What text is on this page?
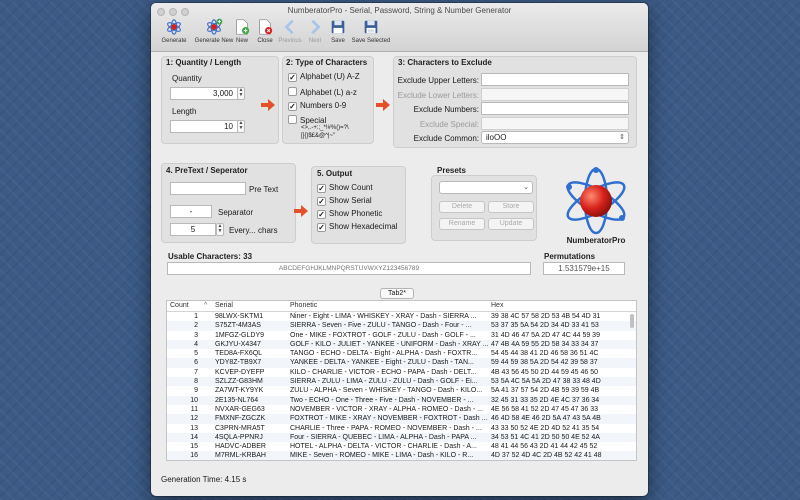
NumberatorPro - Serial, Password, String & Number Generator
Generate	Generate New New	Close Previous	Next	Save	Save Selected
1: Quantity / Length
Quantity
3,000	▲
▼
Length
10	▲
▼
2: Type of Characters
✓ Alphabet (U) A-Z
Alphabet (L) a-z
✓ Numbers 0-9
Special
<>,.-+:;_*!#%()=?\
[]{}$£&@^|~"
3: Characters to Exclude
Exclude Upper Letters:
Exclude Lower Letters:
Exclude Numbers:
Exclude Special:
Exclude Common: iloOO	⇕
4. PreText / Seperator
Pre Text
-	Separator
5	▲
▼ Every... chars
5. Output
✓ Show Count
✓ Show Serial
✓ Show Phonetic
✓ Show Hexadecimal
Presets
⌄
Delete	Store
Rename	Update
NumberatorPro
Usable Characters: 33
ABCDEFGHJKLMNPQRSTUVWXYZ123456789
Permutations
1.531579e+15
Tab2*
Count ^ Serial	Phonetic	Hex
1 98LWX-SKTM1	Niner - Eight - LIMA - WHISKEY - XRAY - Dash - SIERRA ...	39 38 4C 57 58 2D 53 4B 54 4D 31
2 S75ZT-4M3AS	SIERRA - Seven - Five - ZULU - TANGO - Dash - Four - ...	53 37 35 5A 54 2D 34 4D 33 41 53
3 1MFGZ-GLDY9	One - MIKE - FOXTROT - GOLF - ZULU - Dash - GOLF - ...	31 4D 46 47 5A 2D 47 4C 44 59 39
4 GKJYU-X4347	GOLF - KILO - JULIET - YANKEE - UNIFORM - Dash - XRAY ... 47 4B 4A 59 55 2D 58 34 33 34 37
5 TED8A-FX6QL	TANGO - ECHO - DELTA - Eight - ALPHA - Dash - FOXTR...	54 45 44 38 41 2D 46 58 36 51 4C
6 YDY8Z-TB9X7	YANKEE - DELTA - YANKEE - Eight - ZULU - Dash - TAN...	59 44 59 38 5A 2D 54 42 39 58 37
7 KCVEP-DYEFP	KILO - CHARLIE - VICTOR - ECHO - PAPA - Dash - DELT...	4B 43 56 45 50 2D 44 59 45 46 50
8 SZLZZ-G83HM	SIERRA - ZULU - LIMA - ZULU - ZULU - Dash - GOLF - Ei...	53 5A 4C 5A 5A 2D 47 38 33 48 4D
9 ZA7WT-KY9YK	ZULU - ALPHA - Seven - WHISKEY - TANGO - Dash - KILO...	5A 41 37 57 54 2D 4B 59 39 59 4B
10 2E135-NL764	Two - ECHO - One - Three - Five - Dash - NOVEMBER - ...	32 45 31 33 35 2D 4E 4C 37 36 34
11 NVXAR-GEG63	NOVEMBER - VICTOR - XRAY - ALPHA - ROMEO - Dash - ...	4E 56 58 41 52 2D 47 45 47 36 33
12 FMXNF-ZGCZK	FOXTROT - MIKE - XRAY - NOVEMBER - FOXTROT - Dash ... 46 4D 58 4E 46 2D 5A 47 43 5A 4B
13 C3PRN-MRA5T	CHARLIE - Three - PAPA - ROMEO - NOVEMBER - Dash - ...	43 33 50 52 4E 2D 4D 52 41 35 54
14 4SQLA-PPNRJ	Four - SIERRA - QUEBEC - LIMA - ALPHA - Dash - PAPA ...	34 53 51 4C 41 2D 50 50 4E 52 4A
15 HADVC-ADBER	HOTEL - ALPHA - DELTA - VICTOR - CHARLIE - Dash - A...	48 41 44 56 43 2D 41 44 42 45 52
16 M7RML-KRBAH	MIKE - Seven - ROMEO - MIKE - LIMA - Dash - KILO - R...	4D 37 52 4D 4C 2D 4B 52 42 41 48
Generation Time: 4.15 s
